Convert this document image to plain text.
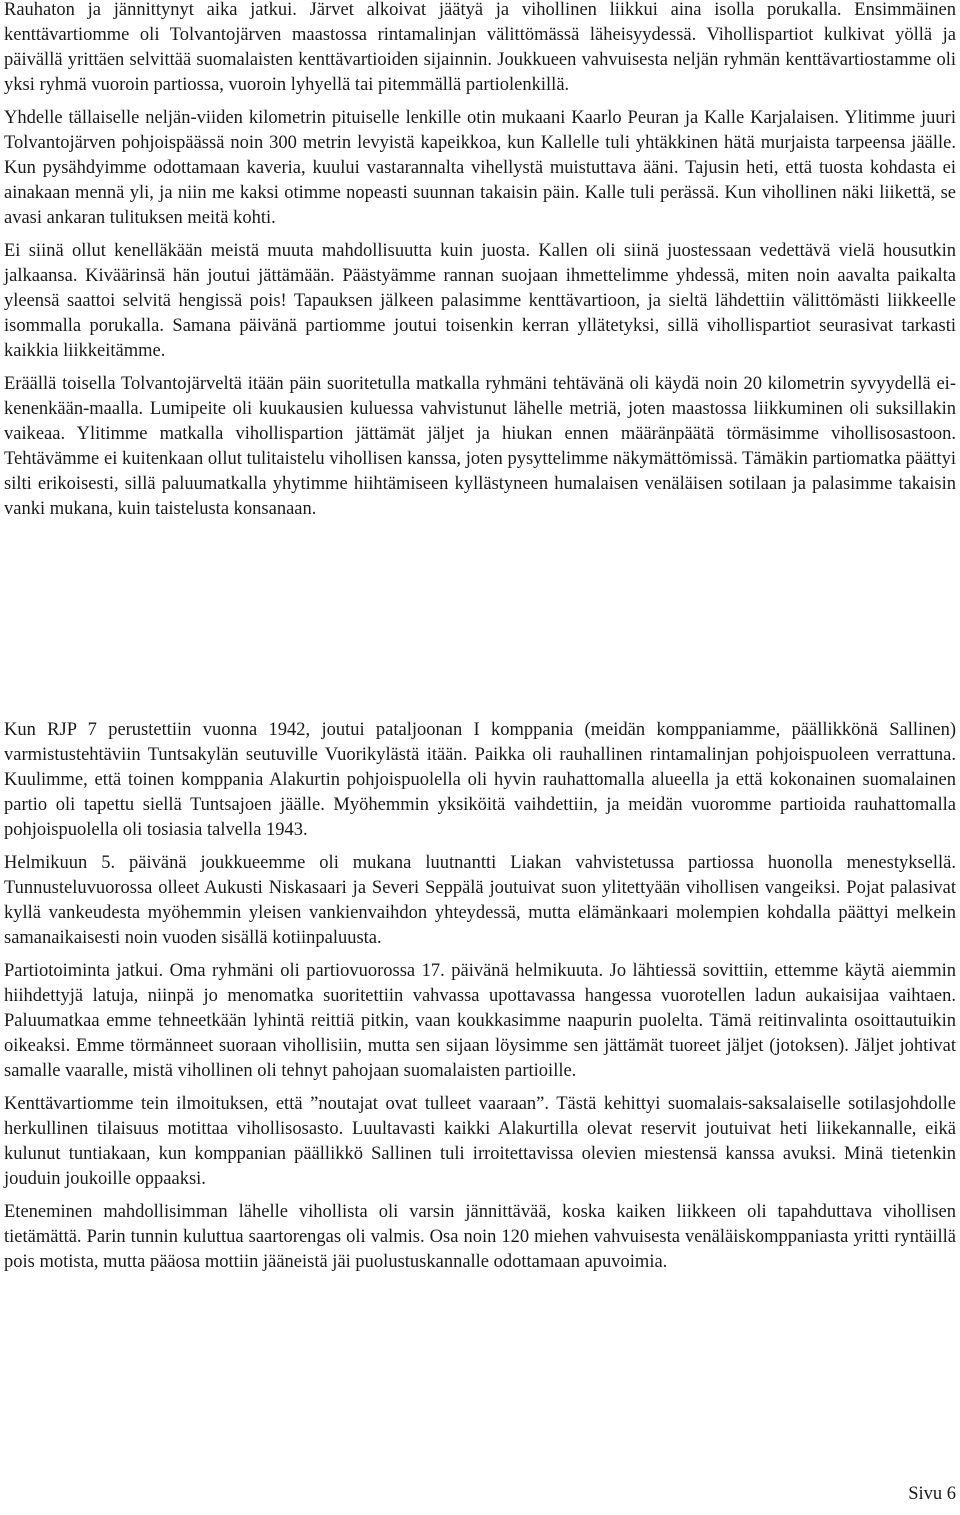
Rauhaton ja jännittynyt aika jatkui. Järvet alkoivat jäätyä ja vihollinen liikkui aina isolla porukalla. Ensimmäinen kenttävartiomme oli Tolvantojärven maastossa rintamalinjan välittömässä läheisyydessä. Vihollispartiot kulkivat yöllä ja päivällä yrittäen selvittää suomalaisten kenttävartioiden sijainnin. Joukkueen vahvuisesta neljän ryhmän kenttävartiostamme oli yksi ryhmä vuoroin partiossa, vuoroin lyhyellä tai pitemmällä partiolenkillä.

Yhdelle tällaiselle neljän-viiden kilometrin pituiselle lenkille otin mukaani Kaarlo Peuran ja Kalle Karjalaisen. Ylitimme juuri Tolvantojärven pohjoispäässä noin 300 metrin levyistä kapeikkoa, kun Kallelle tuli yhtäkkinen hätä murjaista tarpeensa jäälle. Kun pysähdyimme odottamaan kaveria, kuului vastarannalta vihellystä muistuttava ääni. Tajusin heti, että tuosta kohdasta ei ainakaan mennä yli, ja niin me kaksi otimme nopeasti suunnan takaisin päin. Kalle tuli perässä. Kun vihollinen näki liikettä, se avasi ankaran tulituksen meitä kohti.

Ei siinä ollut kenelläkään meistä muuta mahdollisuutta kuin juosta. Kallen oli siinä juostessaan vedettävä vielä housutkin jalkaansa. Kiväärinsä hän joutui jättämään. Päästyämme rannan suojaan ihmettelimme yhdessä, miten noin aavalta paikalta yleensä saattoi selvitä hengissä pois! Tapauksen jälkeen palasimme kenttävartioon, ja sieltä lähdettiin välittömästi liikkeelle isommalla porukalla. Samana päivänä partiomme joutui toisenkin kerran yllätetyksi, sillä vihollispartiot seurasivat tarkasti kaikkia liikkeitämme.

Eräällä toisella Tolvantojärveltä itään päin suoritetulla matkalla ryhmäni tehtävänä oli käydä noin 20 kilometrin syvyydellä ei-kenenkään-maalla. Lumipeite oli kuukausien kuluessa vahvistunut lähelle metriä, joten maastossa liikkuminen oli suksillakin vaikeaa. Ylitimme matkalla vihollispartion jättämät jäljet ja hiukan ennen määränpäätä törmäsimme vihollisosastoon. Tehtävämme ei kuitenkaan ollut tulitaistelu vihollisen kanssa, joten pysyttelimme näkymättömissä. Tämäkin partiomatka päättyi silti erikoisesti, sillä paluumatkalla yhytimme hiihtämiseen kyllästyneen humalaisen venäläisen sotilaan ja palasimme takaisin vanki mukana, kuin taistelusta konsanaan.

Kun RJP 7 perustettiin vuonna 1942, joutui pataljoonan I komppania (meidän komppaniamme, päällikkönä Sallinen) varmistustehtäviin Tuntsakylän seutuville Vuorikylästä itään. Paikka oli rauhallinen rintamalinjan pohjoispuoleen verrattuna. Kuulimme, että toinen komppania Alakurtin pohjoispuolella oli hyvin rauhattomalla alueella ja että kokonainen suomalainen partio oli tapettu siellä Tuntsajoen jäälle. Myöhemmin yksiköitä vaihdettiin, ja meidän vuoromme partioida rauhattomalla pohjoispuolella oli tosiasia talvella 1943.

Helmikuun 5. päivänä joukkueemme oli mukana luutnantti Liakan vahvistetussa partiossa huonolla menestyksellä. Tunnusteluvuorossa olleet Aukusti Niskasaari ja Severi Seppälä joutuivat suon ylitettyään vihollisen vangeiksi. Pojat palasivat kyllä vankeudesta myöhemmin yleisen vankienvaihdon yhteydessä, mutta elämänkaari molempien kohdalla päättyi melkein samanaikaisesti noin vuoden sisällä kotiinpaluusta.

Partiotoiminta jatkui. Oma ryhmäni oli partiovuorossa 17. päivänä helmikuuta. Jo lähtiessä sovittiin, ettemme käytä aiemmin hiihdettyjä latuja, niinpä jo menomatka suoritettiin vahvassa upottavassa hangessa vuorotellen ladun aukaisijaa vaihtaen. Paluumatkaa emme tehneetkään lyhintä reittiä pitkin, vaan koukkasimme naapurin puolelta. Tämä reitinvalinta osoittautuikin oikeaksi. Emme törmänneet suoraan vihollisiin, mutta sen sijaan löysimme sen jättämät tuoreet jäljet (jotoksen). Jäljet johtivat samalle vaaralle, mistä vihollinen oli tehnyt pahojaan suomalaisten partioille.

Kenttävartiomme tein ilmoituksen, että ”noutajat ovat tulleet vaaraan”. Tästä kehittyi suomalais-saksalaiselle sotilasjohdolle herkullinen tilaisuus motittaa vihollisosasto. Luultavasti kaikki Alakurtilla olevat reservit joutuivat heti liikekannalle, eikä kulunut tuntiakaan, kun komppanian päällikkö Sallinen tuli irroitettavissa olevien miestensä kanssa avuksi. Minä tietenkin jouduin joukoille oppaaksi.

Eteneminen mahdollisimman lähelle vihollista oli varsin jännittävää, koska kaiken liikkeen oli tapahduttava vihollisen tietämättä. Parin tunnin kuluttua saartorengas oli valmis. Osa noin 120 miehen vahvuisesta venäläiskomppaniasta yritti ryntäillä pois motista, mutta pääosa mottiin jääneistä jäi puolustuskannalle odottamaan apuvoimia.

Sivu 6
